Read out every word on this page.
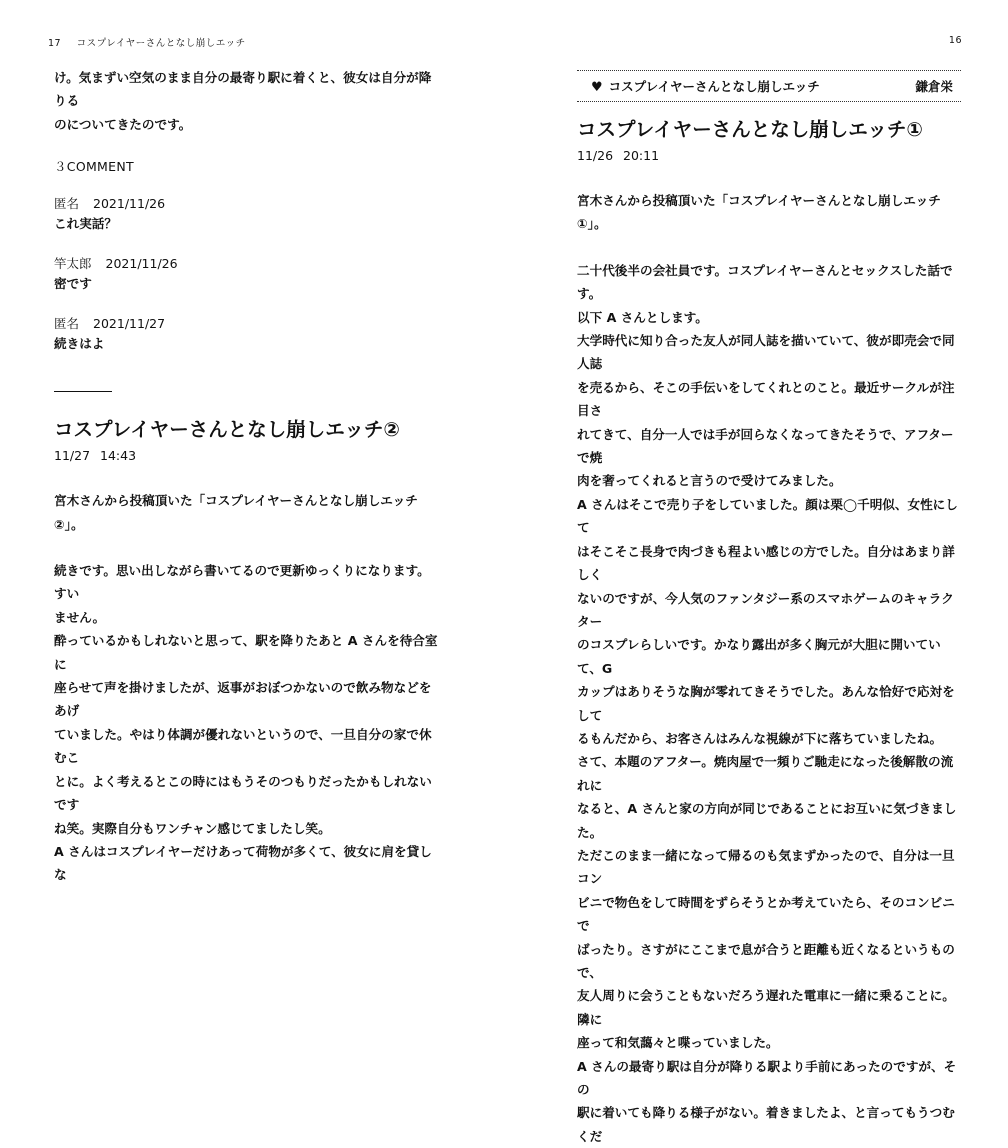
17 コスプレイヤーさんとなし崩しエッチ

け。気まずい空気のまま自分の最寄り駅に着くと、彼女は自分が降りる

のについてきたのです。

３COMMENT
匿名 2021/11/26
これ実話？
竿太郎 2021/11/26
密です
匿名 2021/11/27
続きはよ
コスプレイヤーさんとなし崩しエッチ②
11/27 14:43

宮木さんから投稿頂いた「コスプレイヤーさんとなし崩しエッチ②」。

続きです。思い出しながら書いてるので更新ゆっくりになります。すい

ません。

酔っているかもしれないと思って、駅を降りたあと A さんを待合室に

座らせて声を掛けましたが、返事がおぼつかないので飲み物などをあげ

ていました。やはり体調が優れないというので、一旦自分の家で休むこ

とに。よく考えるとこの時にはもうそのつもりだったかもしれないです

ね笑。実際自分もワンチャン感じてましたし笑。

A さんはコスプレイヤーだけあって荷物が多くて、彼女に肩を貸しな

16
♥ コスプレイヤーさんとなし崩しエッチ	鎌倉栄
コスプレイヤーさんとなし崩しエッチ①
11/26 20:11

宮木さんから投稿頂いた「コスプレイヤーさんとなし崩しエッチ①」。

二十代後半の会社員です。コスプレイヤーさんとセックスした話です。

以下 A さんとします。

大学時代に知り合った友人が同人誌を描いていて、彼が即売会で同人誌

を売るから、そこの手伝いをしてくれとのこと。最近サークルが注目さ

れてきて、自分一人では手が回らなくなってきたそうで、アフターで焼

肉を奢ってくれると言うので受けてみました。

A さんはそこで売り子をしていました。顔は栗◯千明似、女性にして

はそこそこ長身で肉づきも程よい感じの方でした。自分はあまり詳しく

ないのですが、今人気のファンタジー系のスマホゲームのキャラクター

のコスプレらしいです。かなり露出が多く胸元が大胆に開いていて、G

カップはありそうな胸が零れてきそうでした。あんな恰好で応対をして

るもんだから、お客さんはみんな視線が下に落ちていましたね。

さて、本題のアフター。焼肉屋で一頻りご馳走になった後解散の流れに

なると、A さんと家の方向が同じであることにお互いに気づきました。

ただこのまま一緒になって帰るのも気まずかったので、自分は一旦コン

ビニで物色をして時間をずらそうとか考えていたら、そのコンビニで

ばったり。さすがにここまで息が合うと距離も近くなるというもので、

友人周りに会うこともないだろう遅れた電車に一緒に乗ることに。隣に

座って和気藹々と喋っていました。

A さんの最寄り駅は自分が降りる駅より手前にあったのですが、その

駅に着いても降りる様子がない。着きましたよ、と言ってもうつむくだ
